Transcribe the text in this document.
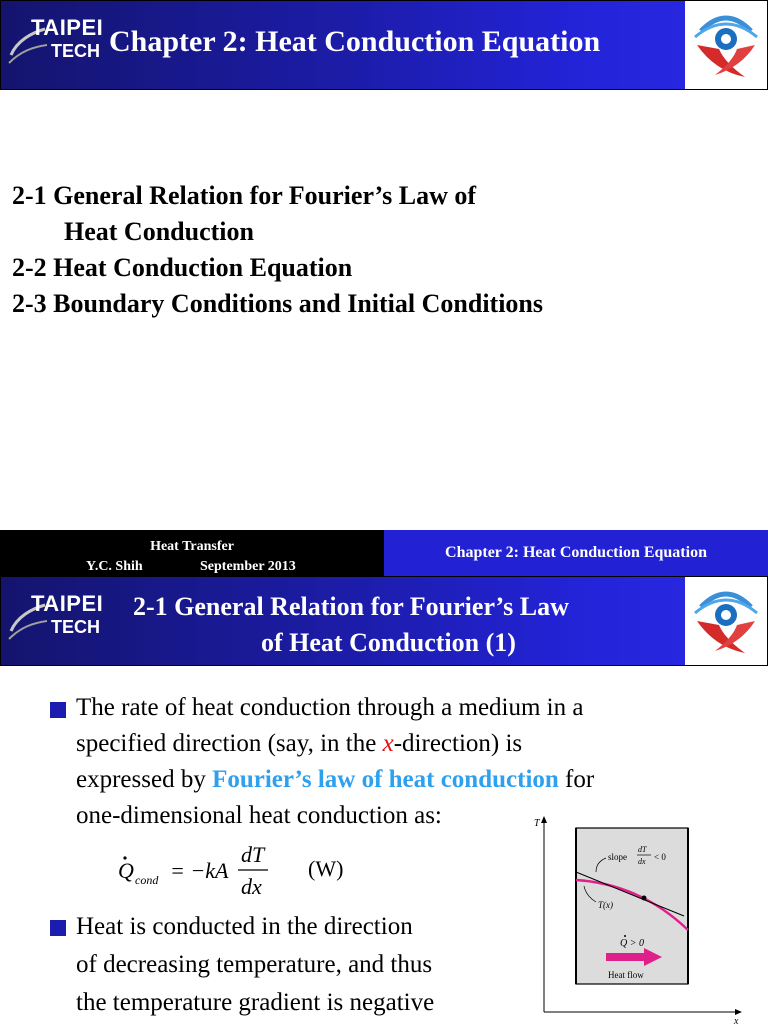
TAIPEI
TECH Chapter 2: Heat Conduction Equation
2-1 General Relation for Fourier’s Law of
Heat Conduction
2-2 Heat Conduction Equation
2-3 Boundary Conditions and Initial Conditions
Heat Transfer
Y.C. Shih	September 2013
Chapter 2: Heat Conduction Equation
TAIPEI
TECH
2-1 General Relation for Fourier’s Law
of Heat Conduction (1)
The rate of heat conduction through a medium in a
specified direction (say, in the x-direction) is
expressed by Fourier’s law of heat conduction for
one-dimensional heat conduction as:
Q cond = −kA
dT
dx
(W)
Heat is conducted in the direction
of decreasing temperature, and thus
the temperature gradient is negative
T
x
slope
dT
dx < 0
T(x)
Q > 0
Heat flow
